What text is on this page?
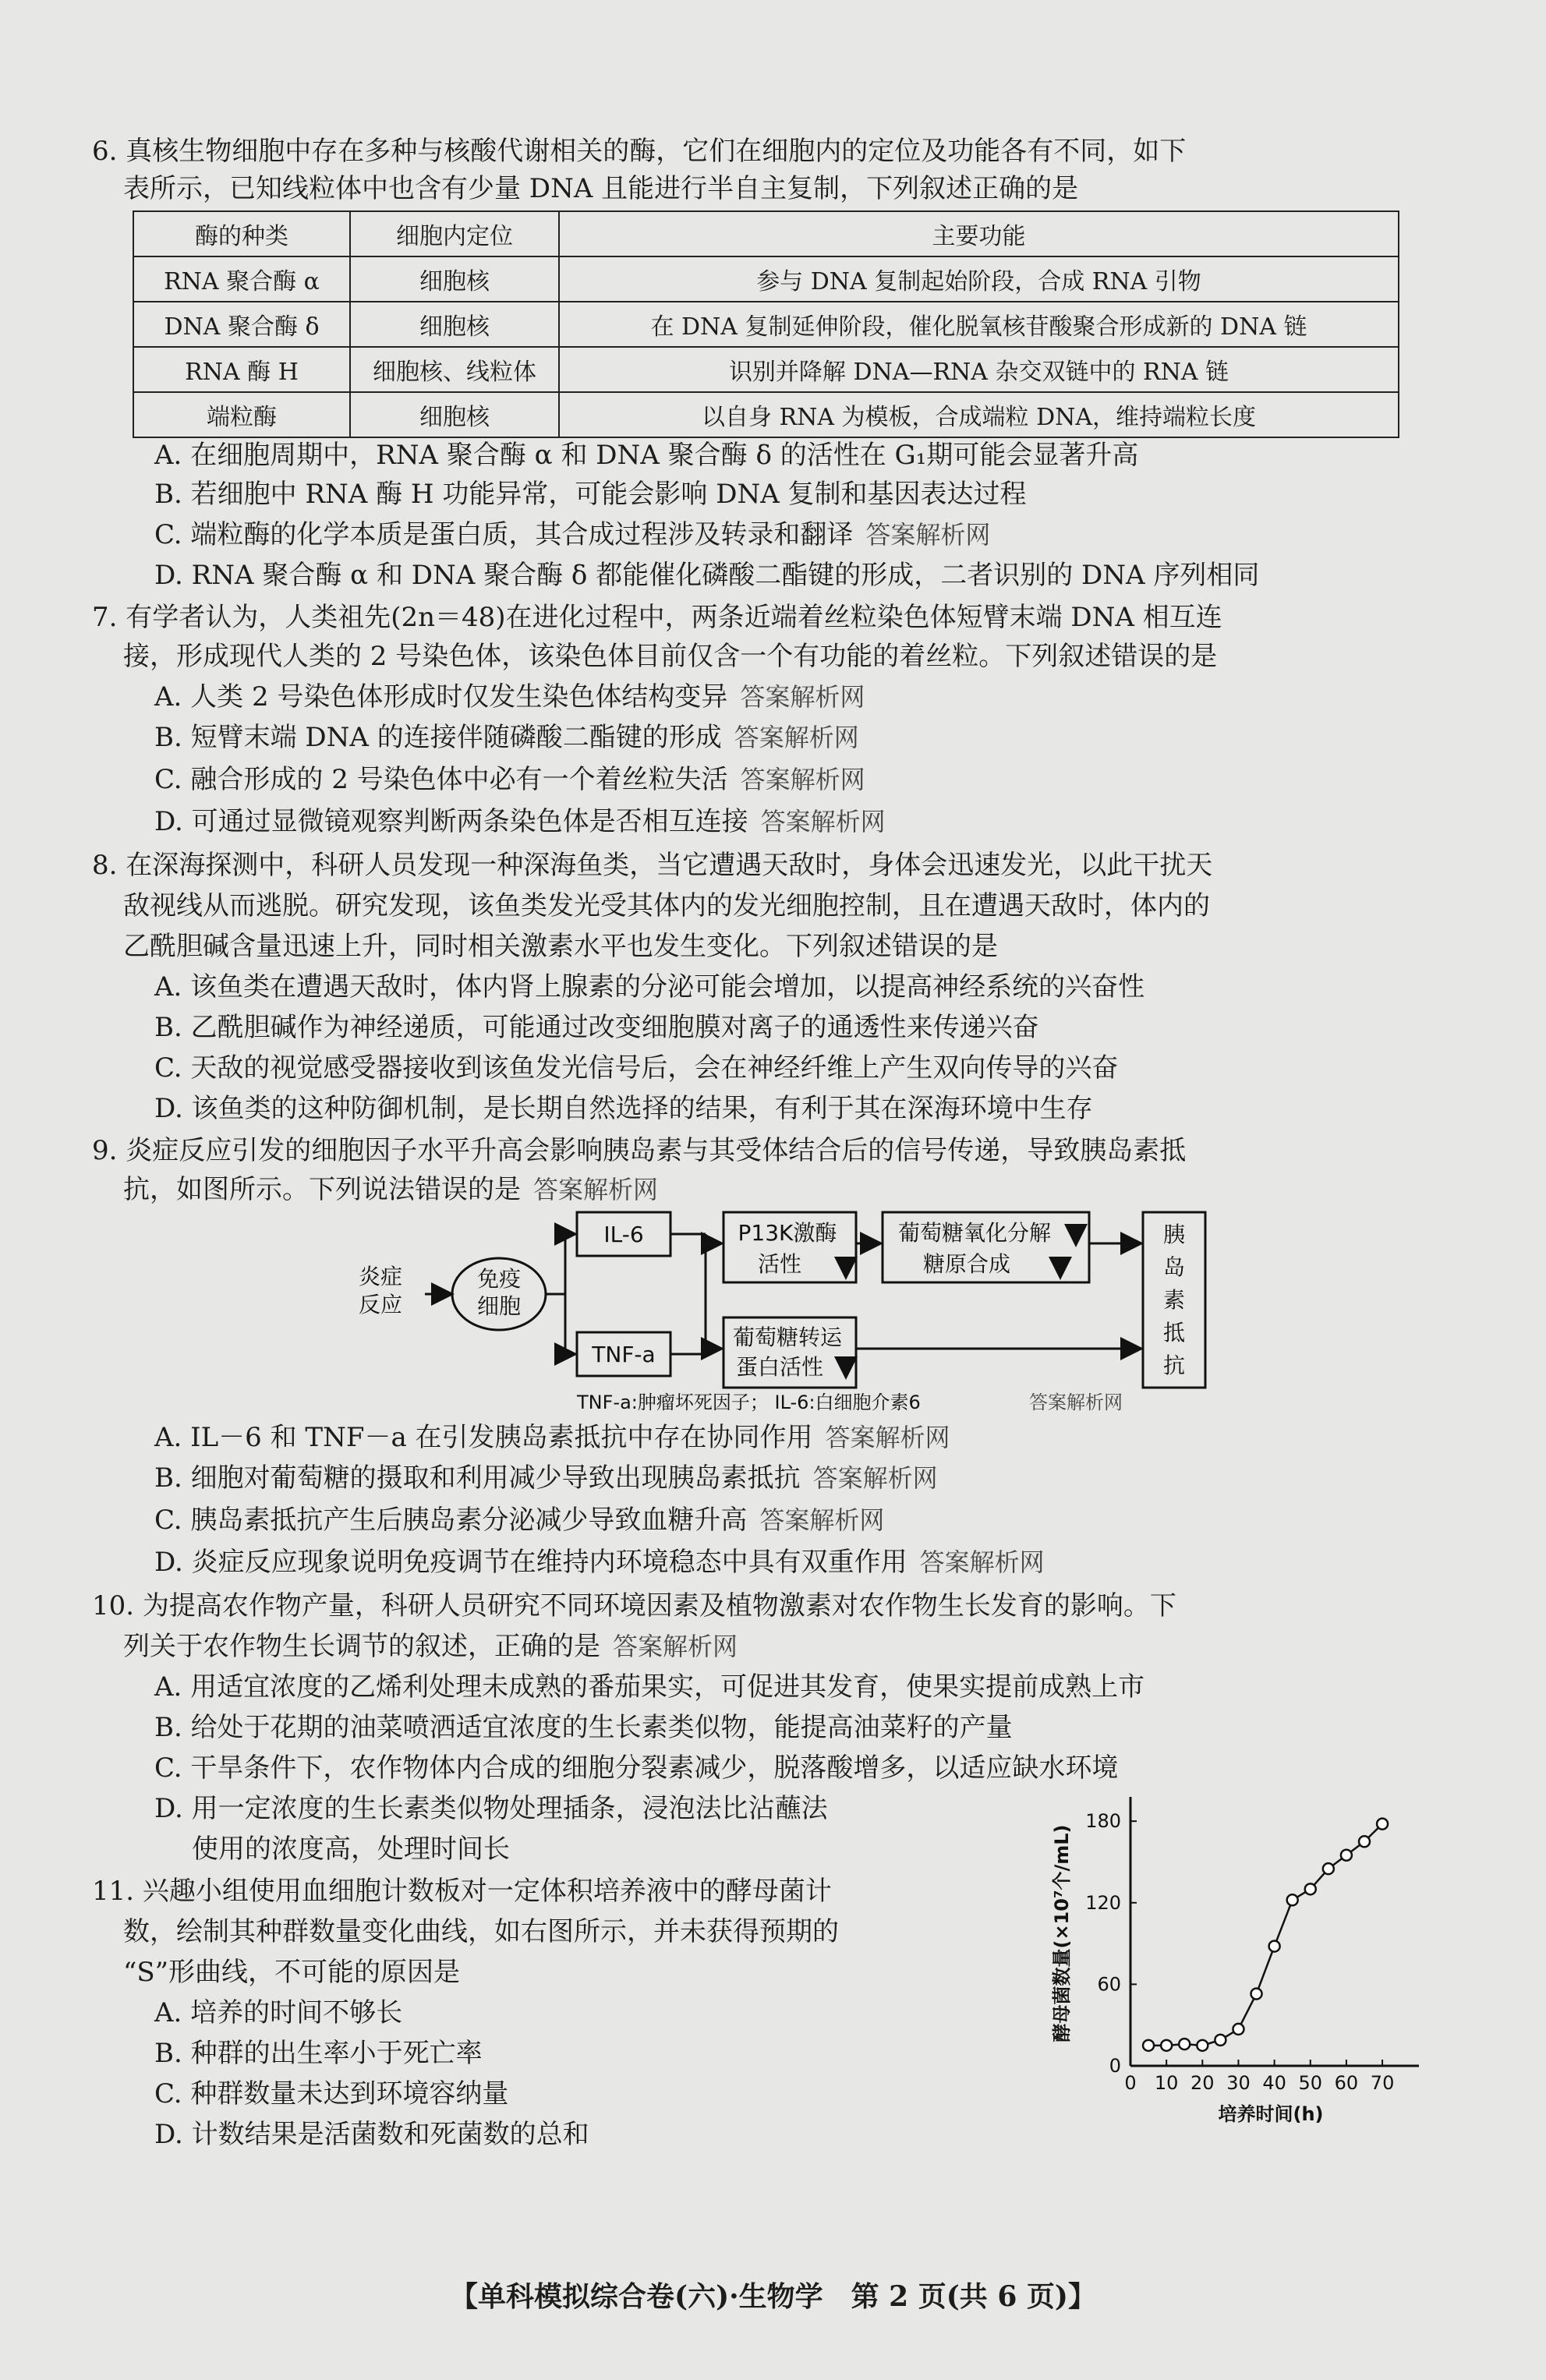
6. 真核生物细胞中存在多种与核酸代谢相关的酶，它们在细胞内的定位及功能各有不同，如下
表所示，已知线粒体中也含有少量 DNA 且能进行半自主复制，下列叙述正确的是
酶的种类	细胞内定位	主要功能
RNA 聚合酶 α	细胞核	参与 DNA 复制起始阶段，合成 RNA 引物
DNA 聚合酶 δ	细胞核	在 DNA 复制延伸阶段，催化脱氧核苷酸聚合形成新的 DNA 链
RNA 酶 H	细胞核、线粒体	识别并降解 DNA—RNA 杂交双链中的 RNA 链
端粒酶	细胞核	以自身 RNA 为模板，合成端粒 DNA，维持端粒长度
A. 在细胞周期中，RNA 聚合酶 α 和 DNA 聚合酶 δ 的活性在 G₁期可能会显著升高
B. 若细胞中 RNA 酶 H 功能异常，可能会影响 DNA 复制和基因表达过程
C. 端粒酶的化学本质是蛋白质，其合成过程涉及转录和翻译 答案解析网
D. RNA 聚合酶 α 和 DNA 聚合酶 δ 都能催化磷酸二酯键的形成，二者识别的 DNA 序列相同
7. 有学者认为，人类祖先(2n＝48)在进化过程中，两条近端着丝粒染色体短臂末端 DNA 相互连
接，形成现代人类的 2 号染色体，该染色体目前仅含一个有功能的着丝粒。下列叙述错误的是
A. 人类 2 号染色体形成时仅发生染色体结构变异 答案解析网
B. 短臂末端 DNA 的连接伴随磷酸二酯键的形成 答案解析网
C. 融合形成的 2 号染色体中必有一个着丝粒失活 答案解析网
D. 可通过显微镜观察判断两条染色体是否相互连接 答案解析网
8. 在深海探测中，科研人员发现一种深海鱼类，当它遭遇天敌时，身体会迅速发光，以此干扰天
敌视线从而逃脱。研究发现，该鱼类发光受其体内的发光细胞控制，且在遭遇天敌时，体内的
乙酰胆碱含量迅速上升，同时相关激素水平也发生变化。下列叙述错误的是
A. 该鱼类在遭遇天敌时，体内肾上腺素的分泌可能会增加，以提高神经系统的兴奋性
B. 乙酰胆碱作为神经递质，可能通过改变细胞膜对离子的通透性来传递兴奋
C. 天敌的视觉感受器接收到该鱼发光信号后，会在神经纤维上产生双向传导的兴奋
D. 该鱼类的这种防御机制，是长期自然选择的结果，有利于其在深海环境中生存
9. 炎症反应引发的细胞因子水平升高会影响胰岛素与其受体结合后的信号传递，导致胰岛素抵
抗，如图所示。下列说法错误的是 答案解析网
炎症
反应
免疫
细胞
IL-6
TNF-a
P13K激酶
活性
葡萄糖转运
蛋白活性
葡萄糖氧化分解
糖原合成
胰
岛
素
抵
抗
TNF-a:肿瘤坏死因子； IL-6:白细胞介素6	答案解析网
A. IL－6 和 TNF－a 在引发胰岛素抵抗中存在协同作用 答案解析网
B. 细胞对葡萄糖的摄取和利用减少导致出现胰岛素抵抗 答案解析网
C. 胰岛素抵抗产生后胰岛素分泌减少导致血糖升高 答案解析网
D. 炎症反应现象说明免疫调节在维持内环境稳态中具有双重作用 答案解析网
10. 为提高农作物产量，科研人员研究不同环境因素及植物激素对农作物生长发育的影响。下
列关于农作物生长调节的叙述，正确的是 答案解析网
A. 用适宜浓度的乙烯利处理未成熟的番茄果实，可促进其发育，使果实提前成熟上市
B. 给处于花期的油菜喷洒适宜浓度的生长素类似物，能提高油菜籽的产量
C. 干旱条件下，农作物体内合成的细胞分裂素减少，脱落酸增多，以适应缺水环境
D. 用一定浓度的生长素类似物处理插条，浸泡法比沾蘸法
使用的浓度高，处理时间长
11. 兴趣小组使用血细胞计数板对一定体积培养液中的酵母菌计
数，绘制其种群数量变化曲线，如右图所示，并未获得预期的
“S”形曲线，不可能的原因是
A. 培养的时间不够长
B. 种群的出生率小于死亡率
C. 种群数量未达到环境容纳量
D. 计数结果是活菌数和死菌数的总和
0 10 20 30 40 50 60 70
0
60
120
180
培养时间(h)
酵母菌数量(×10⁷个/mL)
【单科模拟综合卷(六)·生物学　第 2 页(共 6 页)】
